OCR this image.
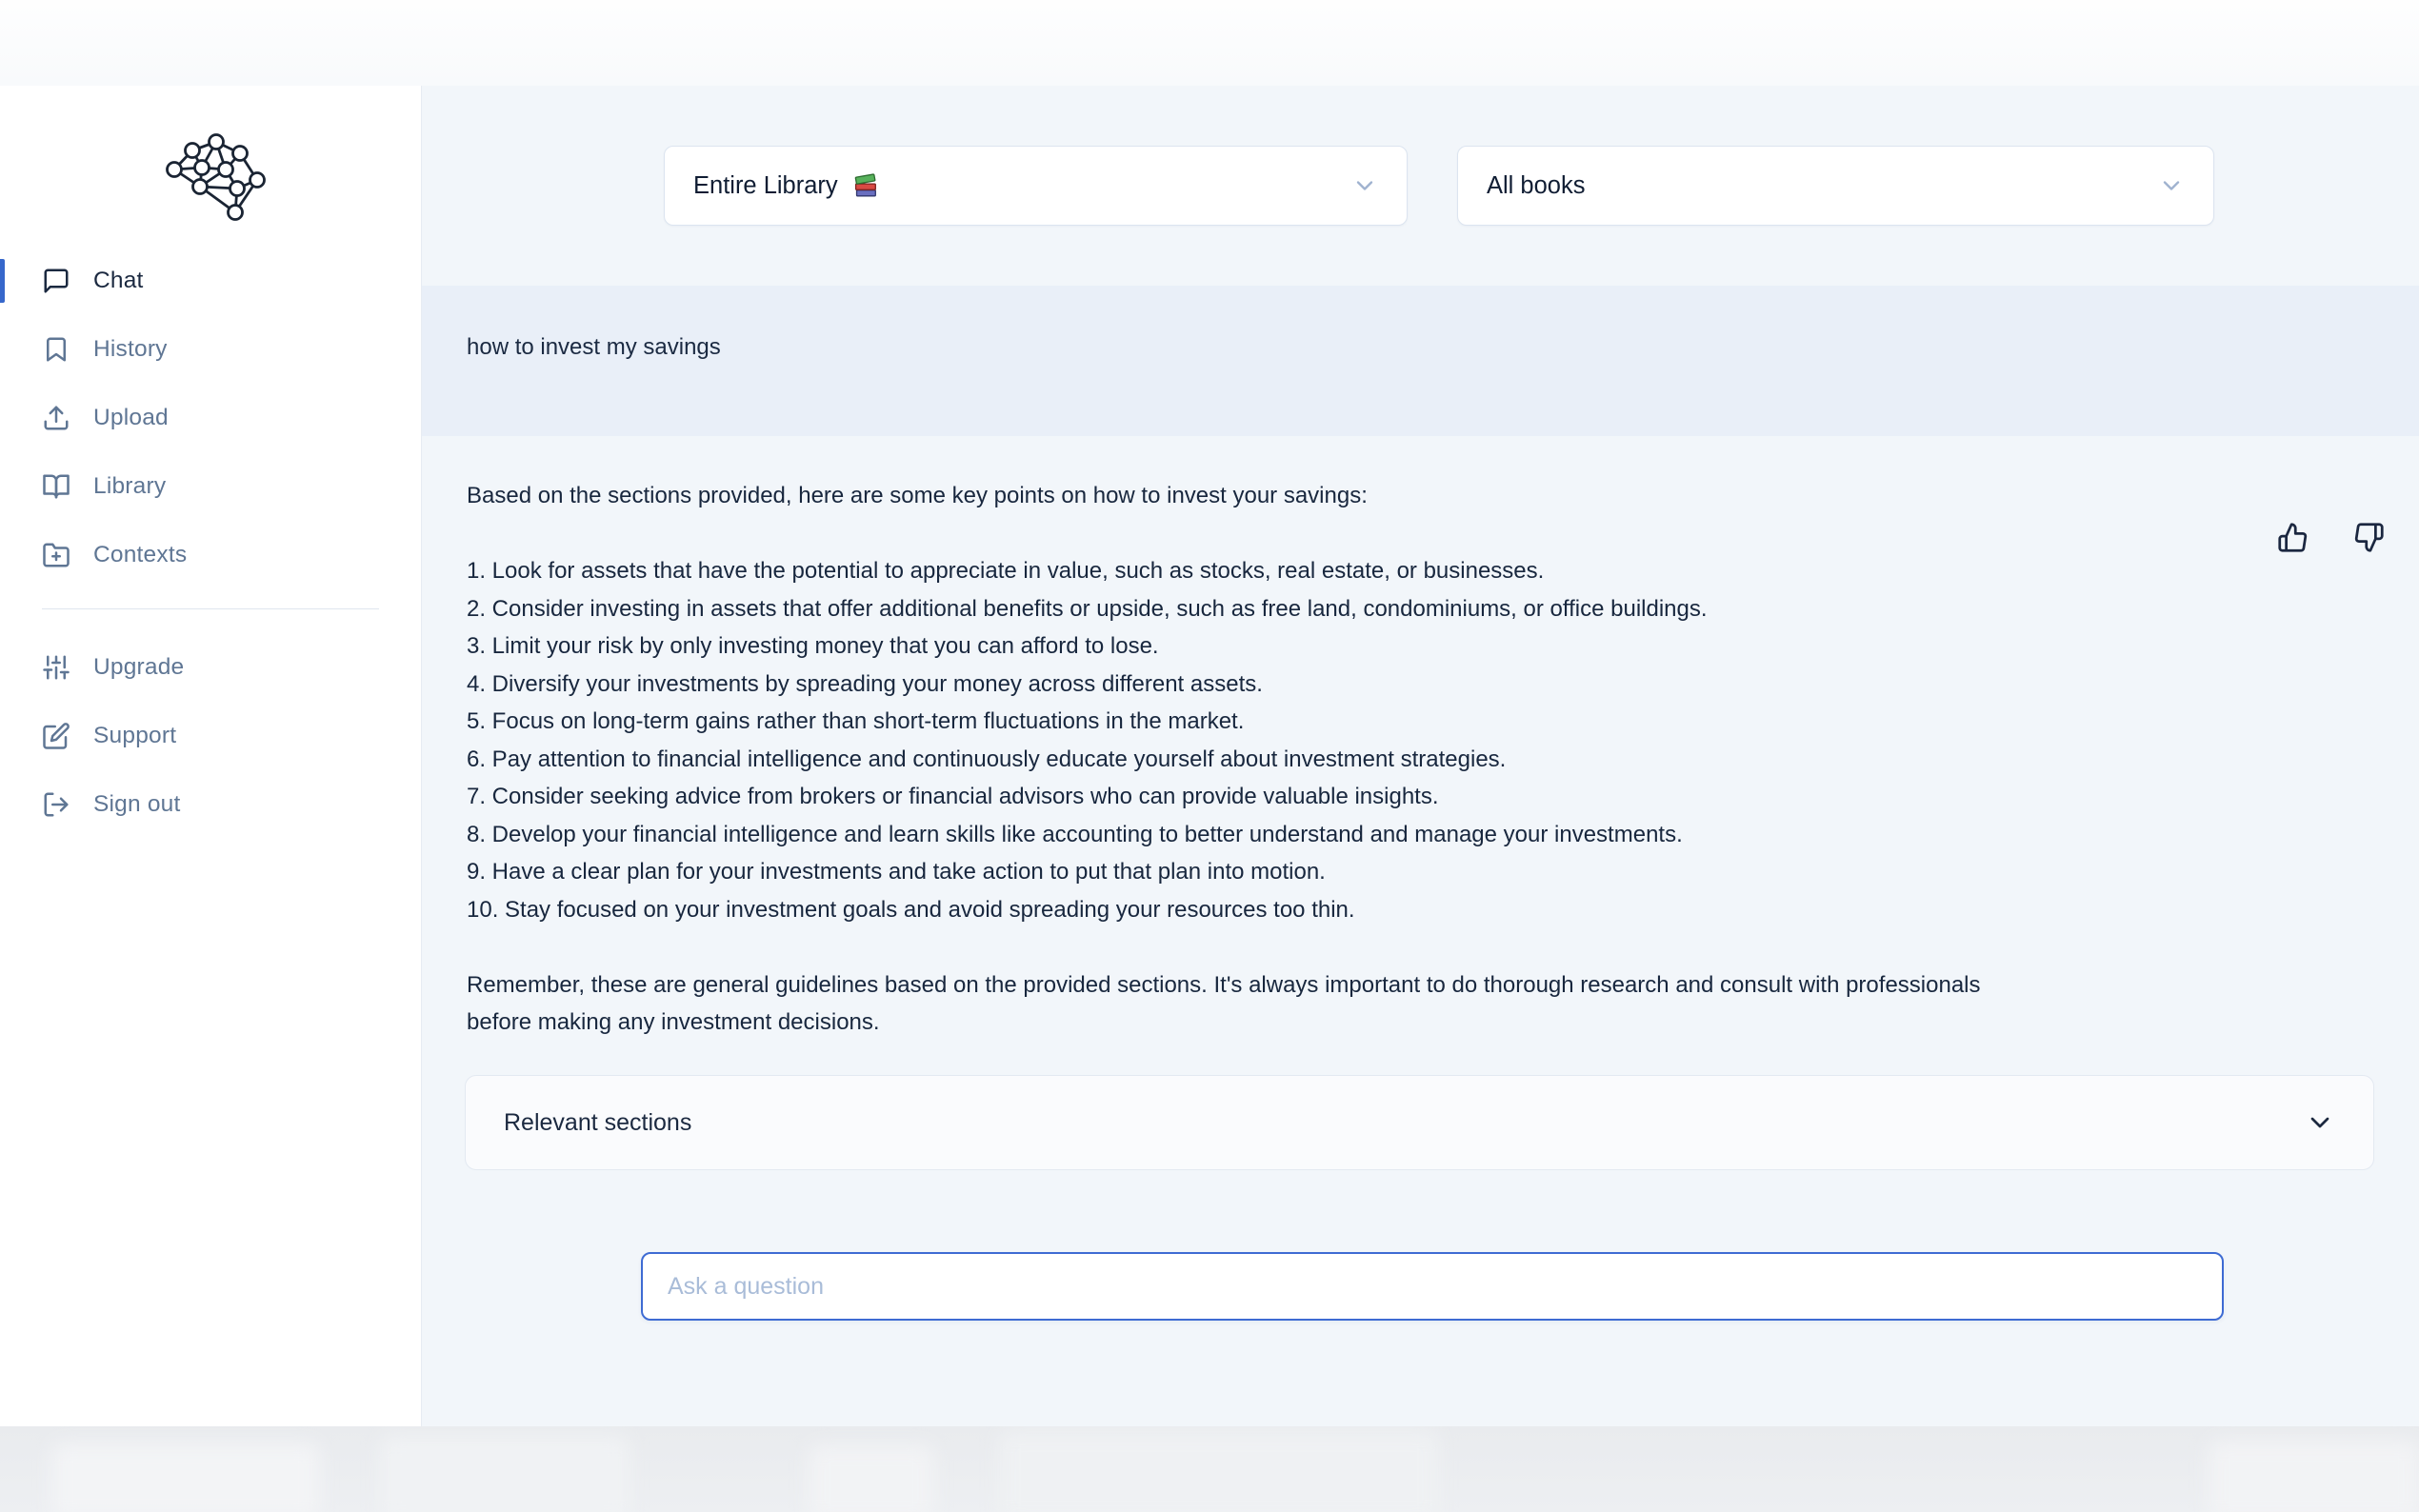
Chat
History
Upload
Library
Contexts
Upgrade
Support
Sign out
Entire Library	All books
how to invest my savings
Based on the sections provided, here are some key points on how to invest your savings:
1. Look for assets that have the potential to appreciate in value, such as stocks, real estate, or businesses.
2. Consider investing in assets that offer additional benefits or upside, such as free land, condominiums, or office buildings.
3. Limit your risk by only investing money that you can afford to lose.
4. Diversify your investments by spreading your money across different assets.
5. Focus on long-term gains rather than short-term fluctuations in the market.
6. Pay attention to financial intelligence and continuously educate yourself about investment strategies.
7. Consider seeking advice from brokers or financial advisors who can provide valuable insights.
8. Develop your financial intelligence and learn skills like accounting to better understand and manage your investments.
9. Have a clear plan for your investments and take action to put that plan into motion.
10. Stay focused on your investment goals and avoid spreading your resources too thin.
Remember, these are general guidelines based on the provided sections. It's always important to do thorough research and consult with professionals before making any investment decisions.
Relevant sections
Ask a question
